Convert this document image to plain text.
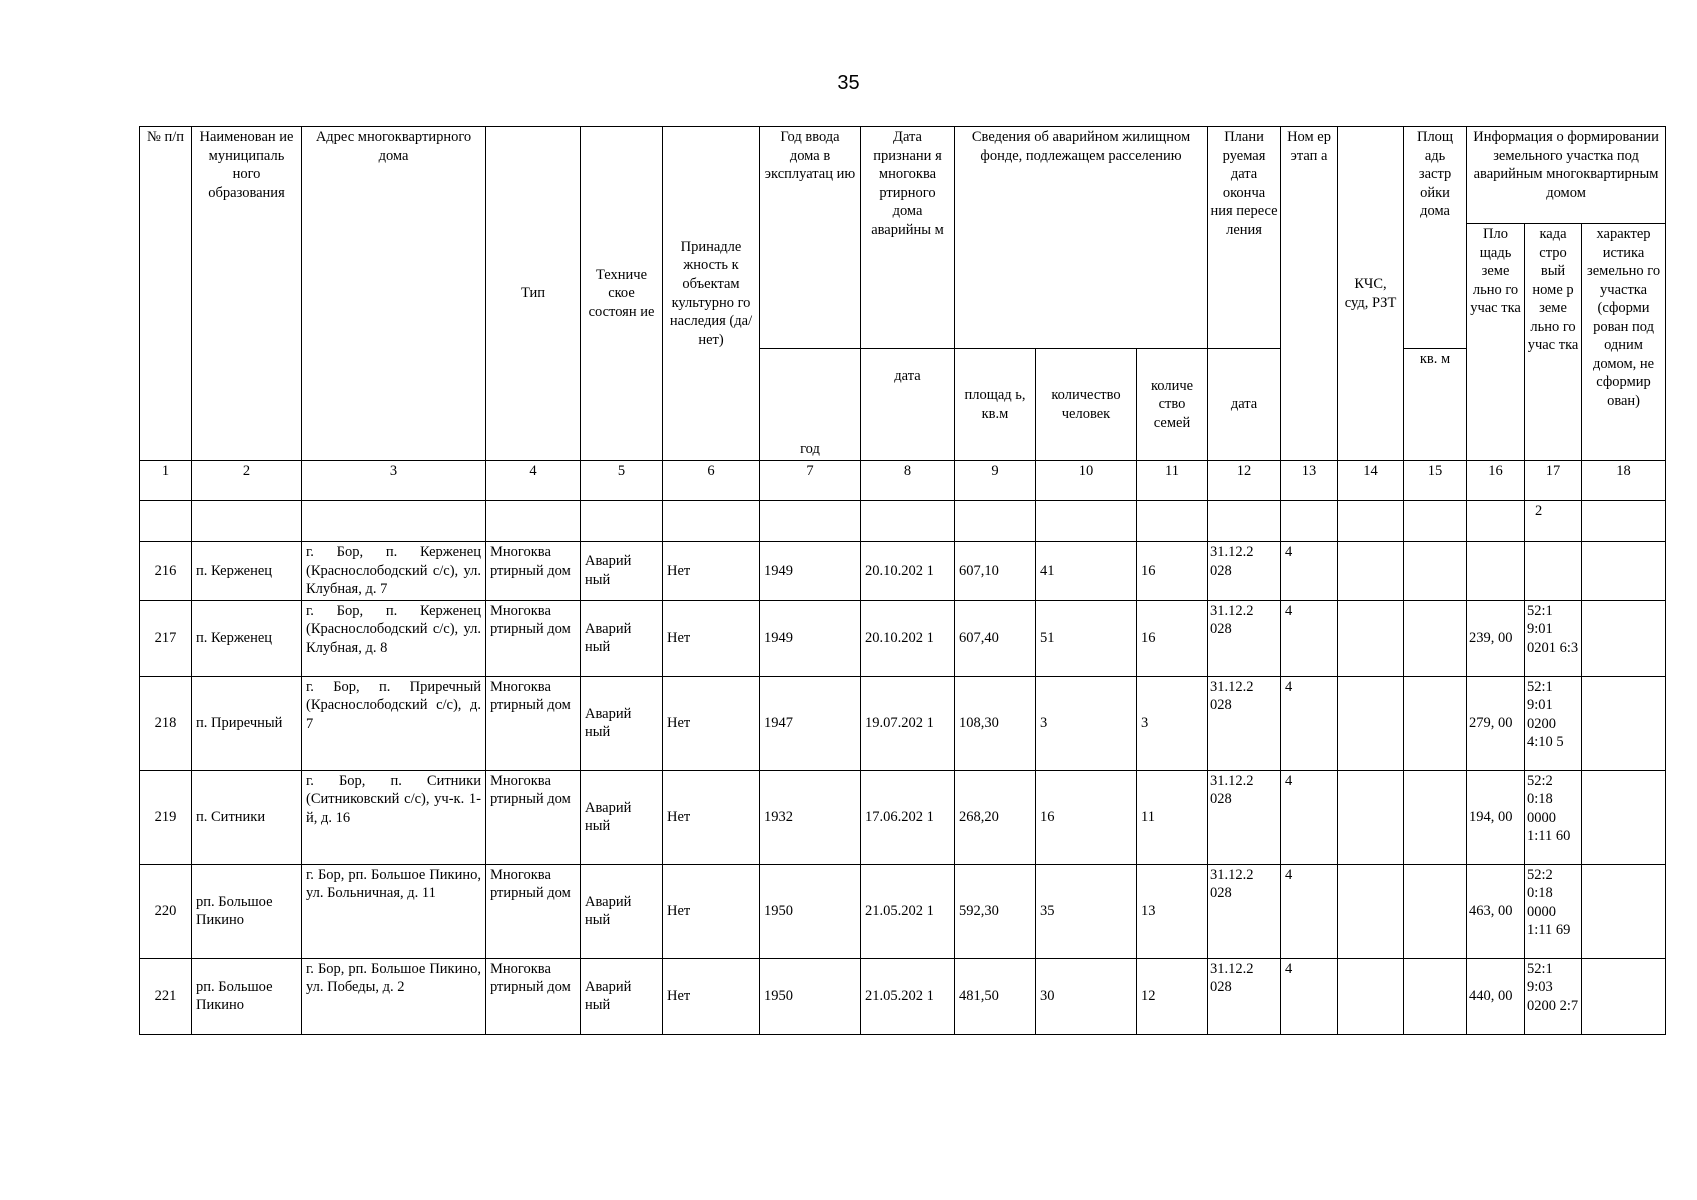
35
№ п/п	Наименован ие муниципаль ного образования	Адрес многоквартирного дома	Тип	Техниче ское состоян ие	Принадле жность к объектам культурно го наследия (да/нет)	Год ввода дома в эксплуатац ию	Дата признани я многоква ртирного дома аварийны м	Сведения об аварийном жилищном фонде, подлежащем расселению			Плани руемая дата оконча ния пересе ления	Ном ер этап а	КЧС, суд, РЗТ	Площ адь застр ойки дома	Информация о формировании земельного участка под аварийным многоквартирным домом		
															Пло щадь земе льно го учас тка	када стро вый номе р земе льно го учас тка	характер истика земельно го участка (сформи рован под одним домом, не сформир ован)
						год	дата	площад ь, кв.м	количество человек	количе ство семей	дата			кв. м			
1	2	3	4	5	6	7	8	9	10	11	12	13	14	15	16	17	18
																2	
216	п. Керженец	г. Бор, п. Керженец (Краснослободский с/с), ул. Клубная, д. 7	Многоква ртирный дом	Аварий ный	Нет	1949	20.10.202 1	607,10	41	16	31.12.2 028	4					
217	п. Керженец	г. Бор, п. Керженец (Краснослободский с/с), ул. Клубная, д. 8	Многоква ртирный дом	Аварий ный	Нет	1949	20.10.202 1	607,40	51	16	31.12.2 028	4			239, 00	52:1 9:01 0201 6:3	
218	п. Приречный	г. Бор, п. Приречный (Краснослободский с/с), д. 7	Многоква ртирный дом	Аварий ный	Нет	1947	19.07.202 1	108,30	3	3	31.12.2 028	4			279, 00	52:1 9:01 0200 4:10 5	
219	п. Ситники	г. Бор, п. Ситники (Ситниковский с/с), уч-к. 1-й, д. 16	Многоква ртирный дом	Аварий ный	Нет	1932	17.06.202 1	268,20	16	11	31.12.2 028	4			194, 00	52:2 0:18 0000 1:11 60	
220	рп. Большое Пикино	г. Бор, рп. Большое Пикино, ул. Больничная, д. 11	Многоква ртирный дом	Аварий ный	Нет	1950	21.05.202 1	592,30	35	13	31.12.2 028	4			463, 00	52:2 0:18 0000 1:11 69	
221	рп. Большое Пикино	г. Бор, рп. Большое Пикино, ул. Победы, д. 2	Многоква ртирный дом	Аварий ный	Нет	1950	21.05.202 1	481,50	30	12	31.12.2 028	4			440, 00	52:1 9:03 0200 2:7	
